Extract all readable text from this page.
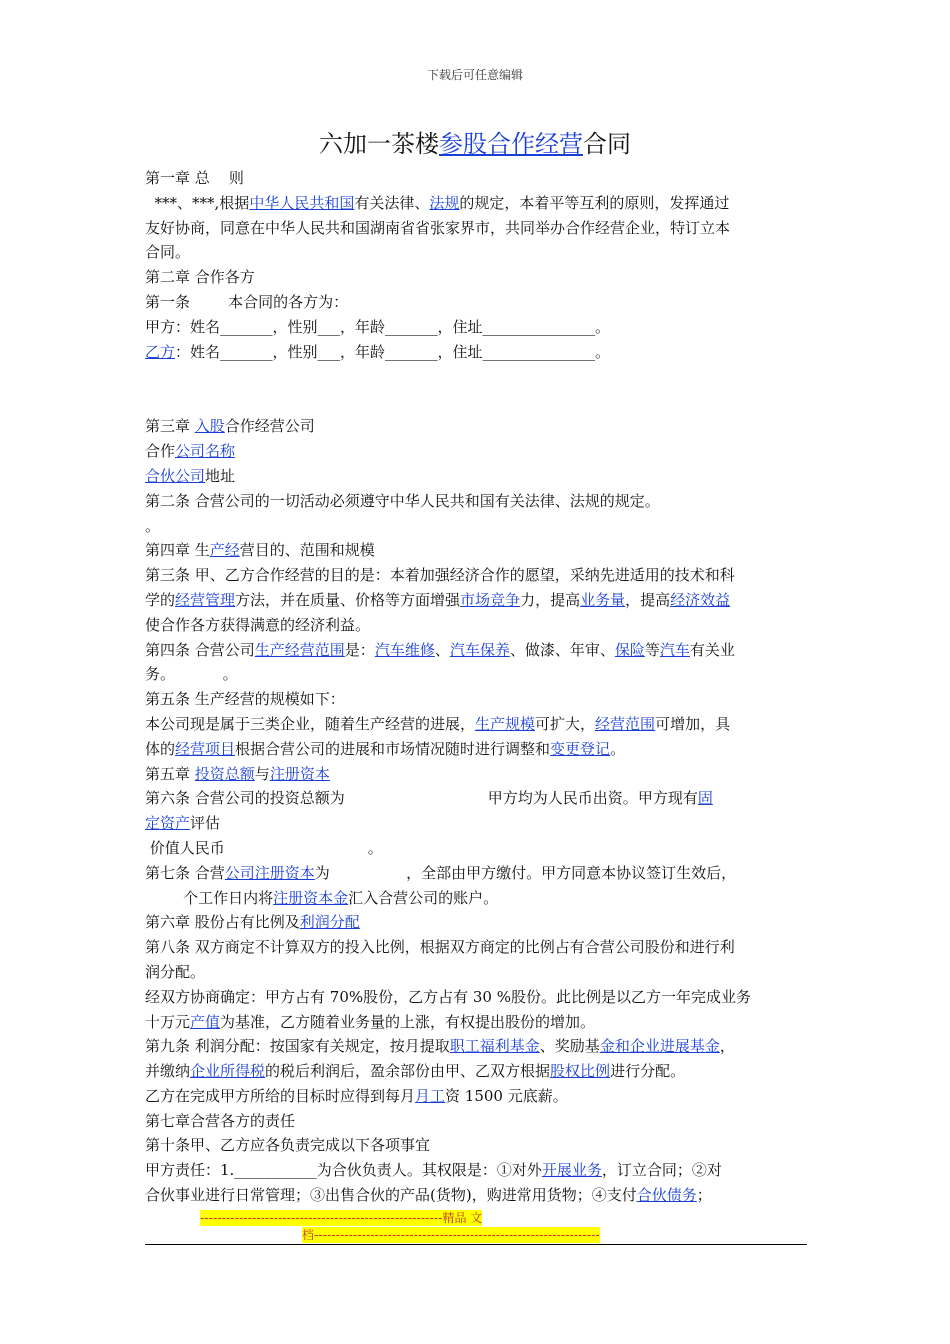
下载后可任意编辑
六加一茶楼参股合作经营合同
第一章 总    则
***、***,根据中华人民共和国有关法律、法规的规定，本着平等互利的原则，发挥通过
友好协商，同意在中华人民共和国湖南省省张家界市，共同举办合作经营企业，特订立本
合同。
第二章 合作各方
第一条        本合同的各方为：
甲方：姓名_______，性别___，年龄_______，住址_______________。
乙方：姓名_______，性别___，年龄_______，住址_______________。
第三章 入股合作经营公司
合作公司名称
合伙公司地址
第二条 合营公司的一切活动必须遵守中华人民共和国有关法律、法规的规定。
。
第四章 生产经营目的、范围和规模
第三条 甲、乙方合作经营的目的是：本着加强经济合作的愿望，采纳先进适用的技术和科
学的经营管理方法，并在质量、价格等方面增强市场竞争力，提高业务量，提高经济效益
使合作各方获得满意的经济利益。
第四条 合营公司生产经营范围是：汽车维修、汽车保养、做漆、年审、保险等汽车有关业
务。          。
第五条 生产经营的规模如下：
本公司现是属于三类企业，随着生产经营的进展，生产规模可扩大，经营范围可增加，具
体的经营项目根据合营公司的进展和市场情况随时进行调整和变更登记。
第五章 投资总额与注册资本
第六条 合营公司的投资总额为                              甲方均为人民币出资。甲方现有固
定资产评估
价值人民币                              。
第七条 合营公司注册资本为                ，全部由甲方缴付。甲方同意本协议签订生效后，
个工作日内将注册资本金汇入合营公司的账户。
第六章 股份占有比例及利润分配
第八条 双方商定不计算双方的投入比例，根据双方商定的比例占有合营公司股份和进行利
润分配。
经双方协商确定：甲方占有 70%股份，乙方占有 30 %股份。此比例是以乙方一年完成业务
十万元产值为基准，乙方随着业务量的上涨，有权提出股份的增加。
第九条 利润分配：按国家有关规定，按月提取职工福利基金、奖励基金和企业进展基金，
并缴纳企业所得税的税后利润后，盈余部份由甲、乙双方根据股权比例进行分配。
乙方在完成甲方所给的目标时应得到每月月工资 1500 元底薪。
第七章合营各方的责任
第十条甲、乙方应各负责完成以下各项事宜
甲方责任：1.___________为合伙负责人。其权限是：①对外开展业务，订立合同；②对
合伙事业进行日常管理；③出售合伙的产品(货物)，购进常用货物；④支付合伙债务；
--------------------------------------------------------精品 文
档------------------------------------------------------------------
